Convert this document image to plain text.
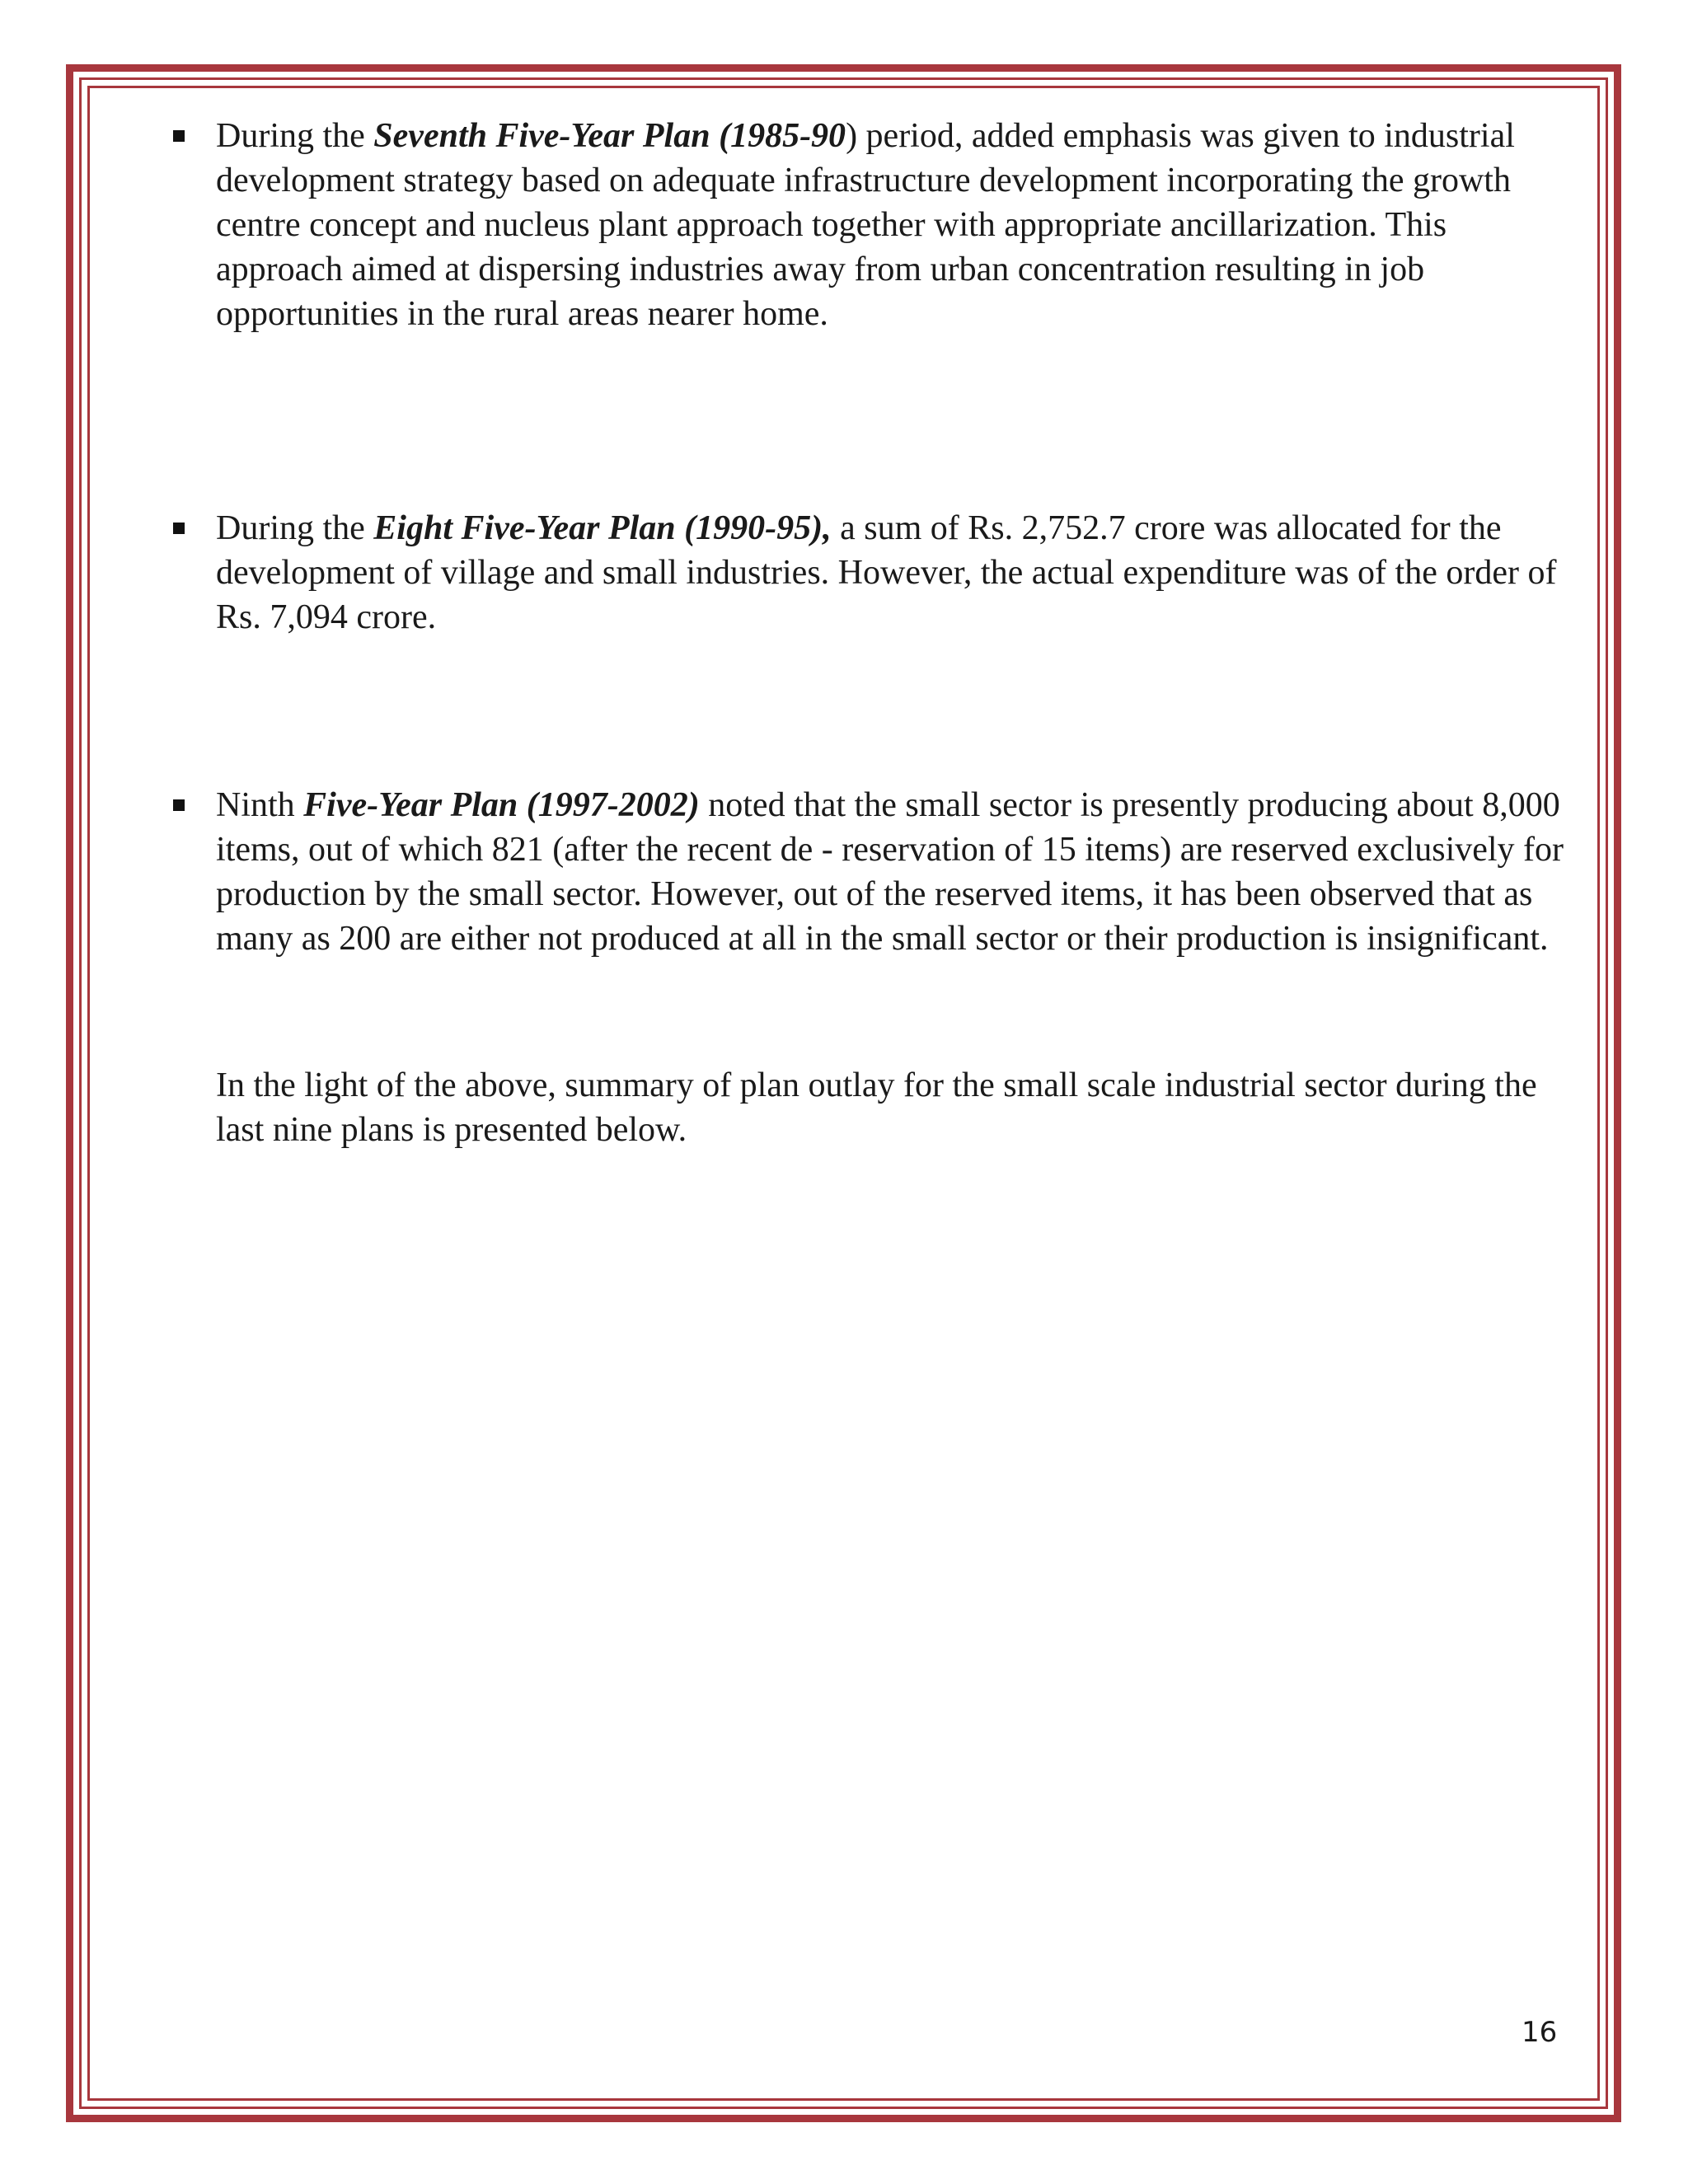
During the Seventh Five-Year Plan (1985-90) period, added emphasis was given to industrial development strategy based on adequate infrastructure development incorporating the growth centre concept and nucleus plant approach together with appropriate ancillarization. This approach aimed at dispersing industries away from urban concentration resulting in job opportunities in the rural areas nearer home.

During the Eight Five-Year Plan (1990-95), a sum of Rs. 2,752.7 crore was allocated for the development of village and small industries. However, the actual expenditure was of the order of Rs. 7,094 crore.

Ninth Five-Year Plan (1997-2002) noted that the small sector is presently producing about 8,000 items, out of which 821 (after the recent de - reservation of 15 items) are reserved exclusively for production by the small sector. However, out of the reserved items, it has been observed that as many as 200 are either not produced at all in the small sector or their production is insignificant.

In the light of the above, summary of plan outlay for the small scale industrial sector during the last nine plans is presented below.

16
